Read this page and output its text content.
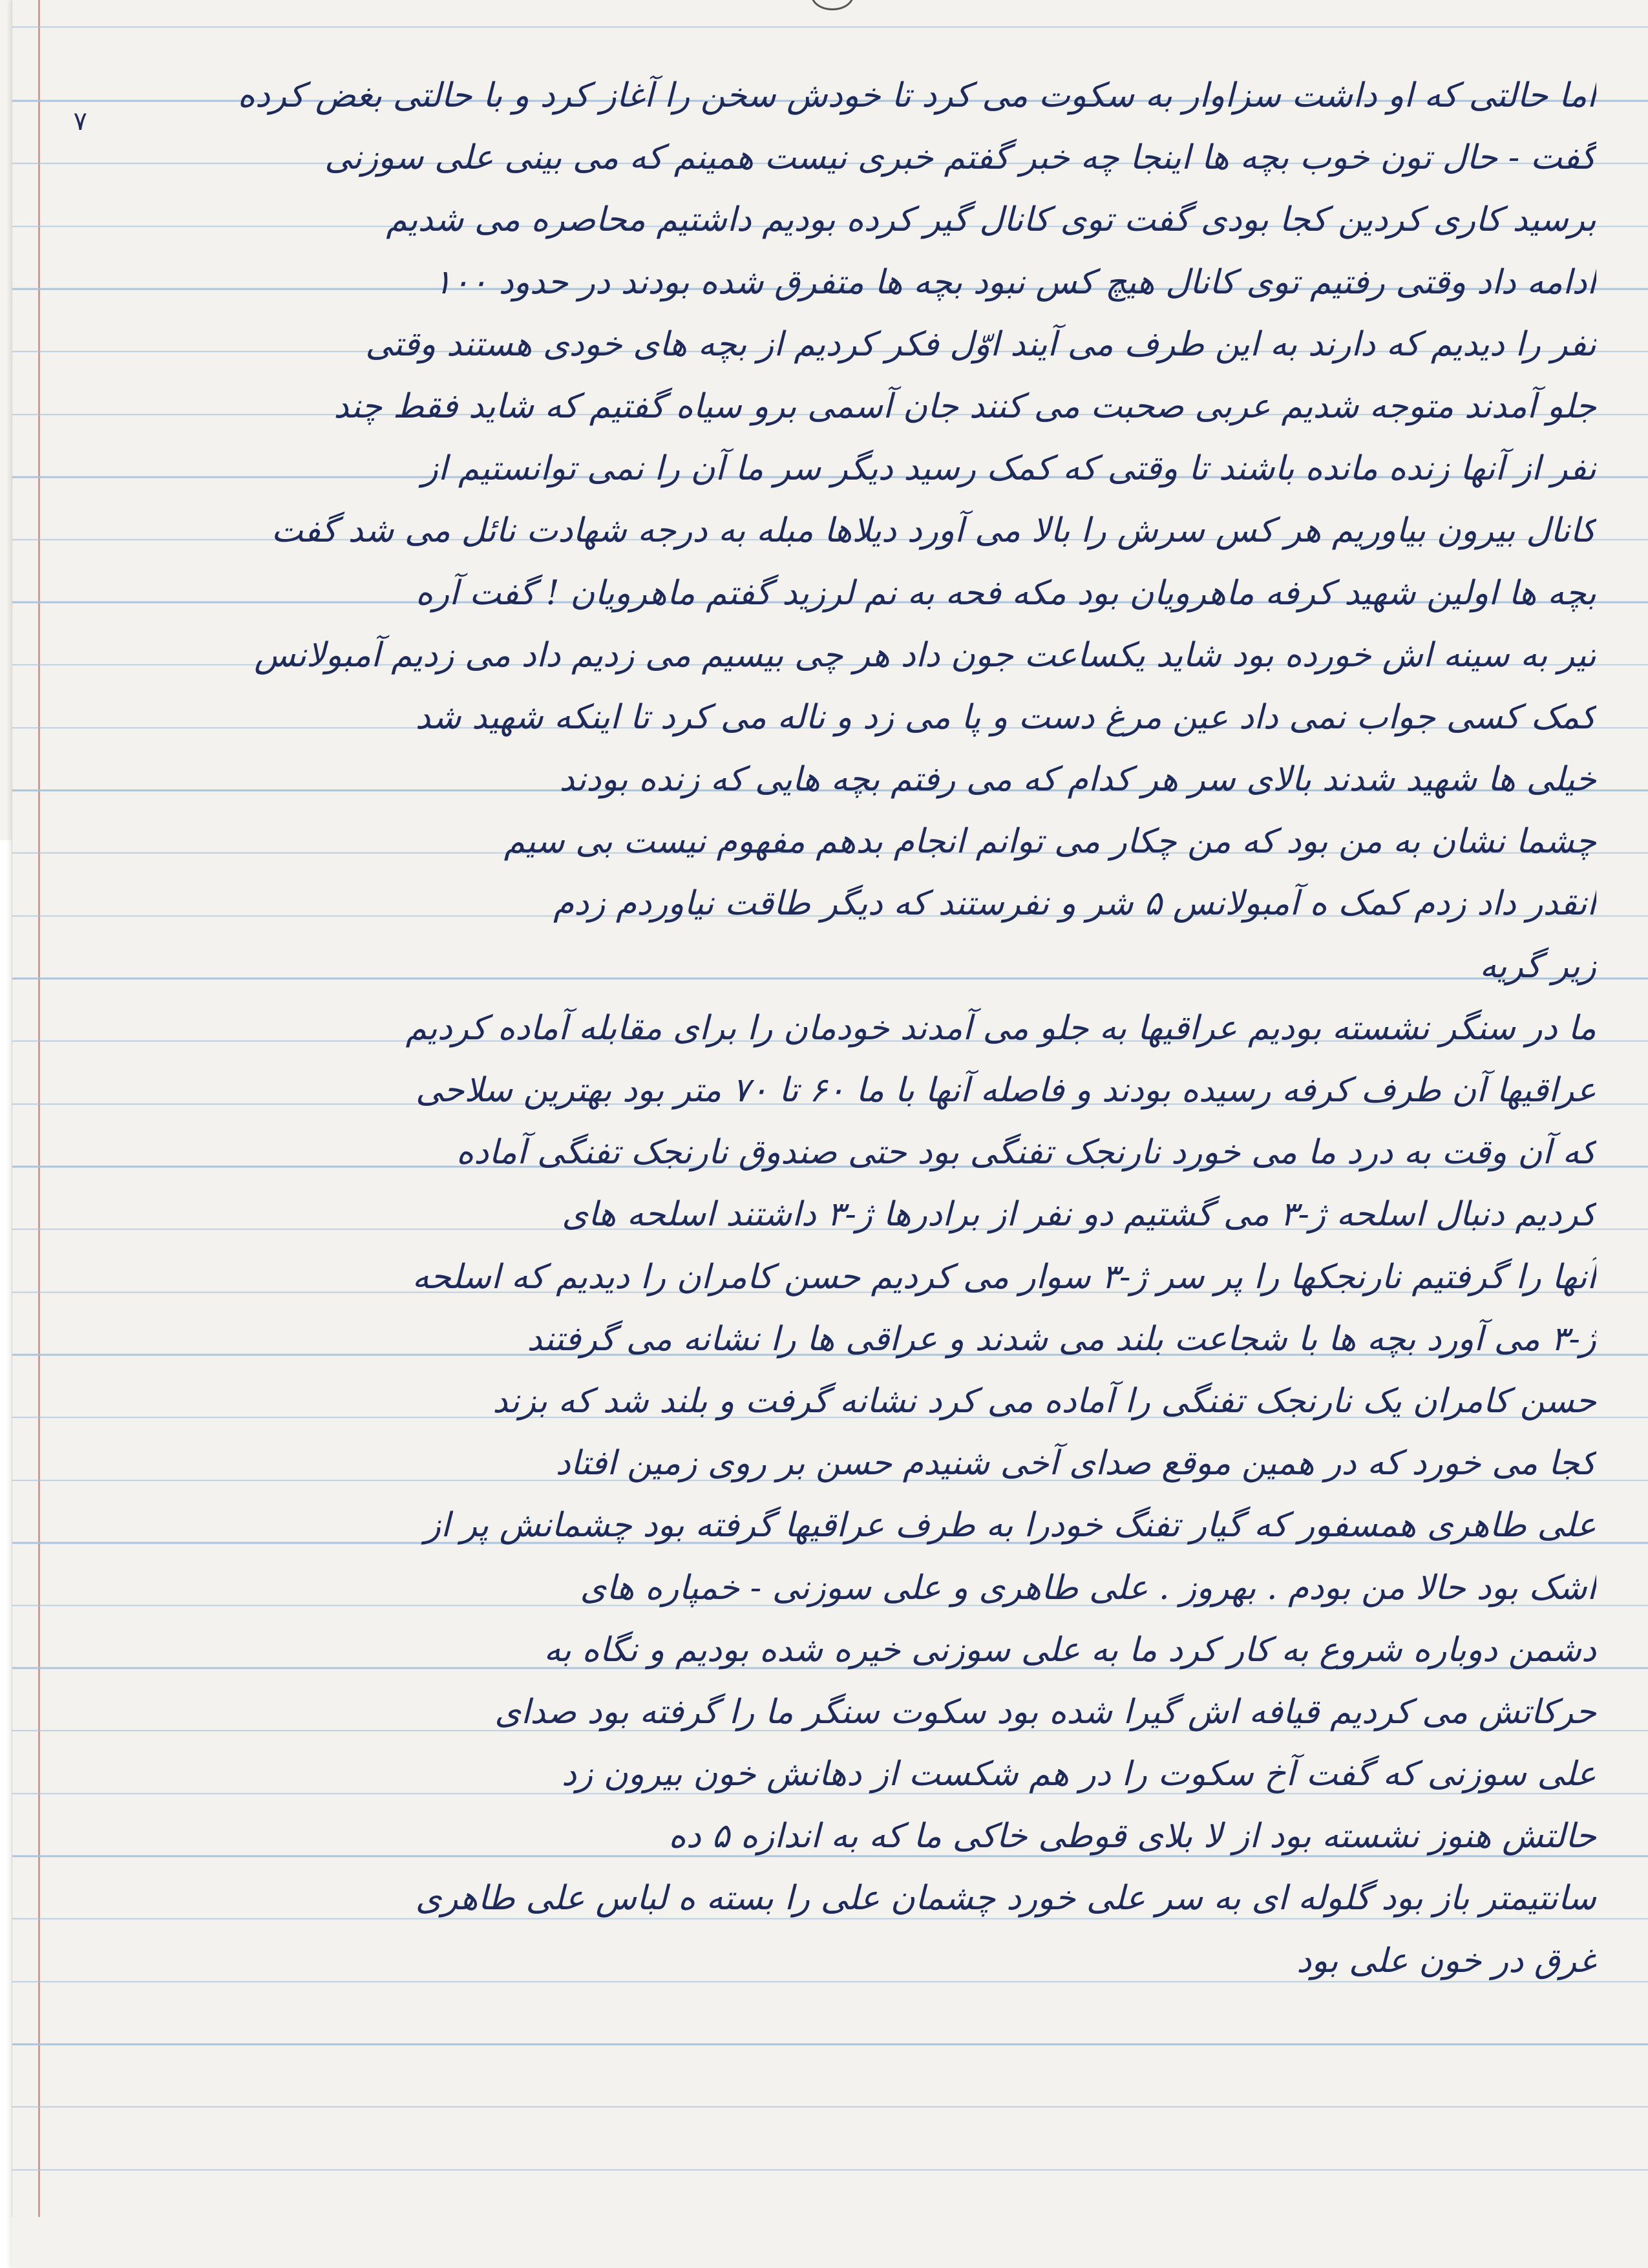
۷
اما حالتی که او داشت سزاوار به سکوت می کرد تا خودش سخن را آغاز کرد و با حالتی بغض کرده
گفت - حال تون خوب بچه ها اینجا چه خبر گفتم خبری نیست همینم که می بینی علی سوزنی
برسید کاری کردین کجا بودی گفت توی کانال گیر کرده بودیم داشتیم محاصره می شدیم
ادامه داد وقتی رفتیم توی کانال هیچ کس نبود بچه ها متفرق شده بودند در حدود ۱۰۰
نفر را دیدیم که دارند به این طرف می آیند اوّل فکر کردیم از بچه های خودی هستند وقتی
جلو آمدند متوجه شدیم عربی صحبت می کنند جان آسمی برو سیاه گفتیم که شاید فقط چند
نفر از آنها زنده مانده باشند تا وقتی که کمک رسید دیگر سر ما آن را نمی توانستیم از
کانال بیرون بیاوریم هر کس سرش را بالا می آورد دیلاها مبله به درجه شهادت نائل می شد گفت
بچه ها اولین شهید کرفه ماهرویان بود مکه فحه به نم لرزید گفتم ماهرویان ! گفت آره
تیر به سینه اش خورده بود شاید یکساعت جون داد هر چی بیسیم می زدیم داد می زدیم آمبولانس
کمک کسی جواب نمی داد عین مرغ دست و پا می زد و ناله می کرد تا اینکه شهید شد
خیلی ها شهید شدند بالای سر هر کدام که می رفتم بچه هایی که زنده بودند
چشما نشان به من بود که من چکار می توانم انجام بدهم مفهوم نیست بی سیم
انقدر داد زدم کمک ه آمبولانس ۵ شر و نفرستند که دیگر طاقت نیاوردم زدم
زیر گریه
ما در سنگر نشسته بودیم عراقیها به جلو می آمدند خودمان را برای مقابله آماده کردیم
عراقیها آن طرف کرفه رسیده بودند و فاصله آنها با ما ۶۰ تا ۷۰ متر بود بهترین سلاحی
که آن وقت به درد ما می خورد نارنجک تفنگی بود حتی صندوق نارنجک تفنگی آماده
کردیم دنبال اسلحه ژ-۳ می گشتیم دو نفر از برادرها ژ-۳ داشتند اسلحه های
آنها را گرفتیم نارنجکها را پر سر ژ-۳ سوار می کردیم حسن کامران را دیدیم که اسلحه
ژ-۳ می آورد بچه ها با شجاعت بلند می شدند و عراقی ها را نشانه می گرفتند
حسن کامران یک نارنجک تفنگی را آماده می کرد نشانه گرفت و بلند شد که بزند
کجا می خورد که در همین موقع صدای آخی شنیدم حسن بر روی زمین افتاد
علی طاهری همسفور که گیار تفنگ خودرا به طرف عراقیها گرفته بود چشمانش پر از
اشک بود حالا من بودم . بهروز . علی طاهری و علی سوزنی - خمپاره های
دشمن دوباره شروع به کار کرد ما به علی سوزنی خیره شده بودیم و نگاه به
حرکاتش می کردیم قیافه اش گیرا شده بود سکوت سنگر ما را گرفته بود صدای
علی سوزنی که گفت آخ سکوت را در هم شکست از دهانش خون بیرون زد
حالتش هنوز نشسته بود از لا بلای قوطی خاکی ما که به اندازه ۵ ده
سانتیمتر باز بود گلوله ای به سر علی خورد چشمان علی را بسته ه لباس علی طاهری
غرق در خون علی بود
